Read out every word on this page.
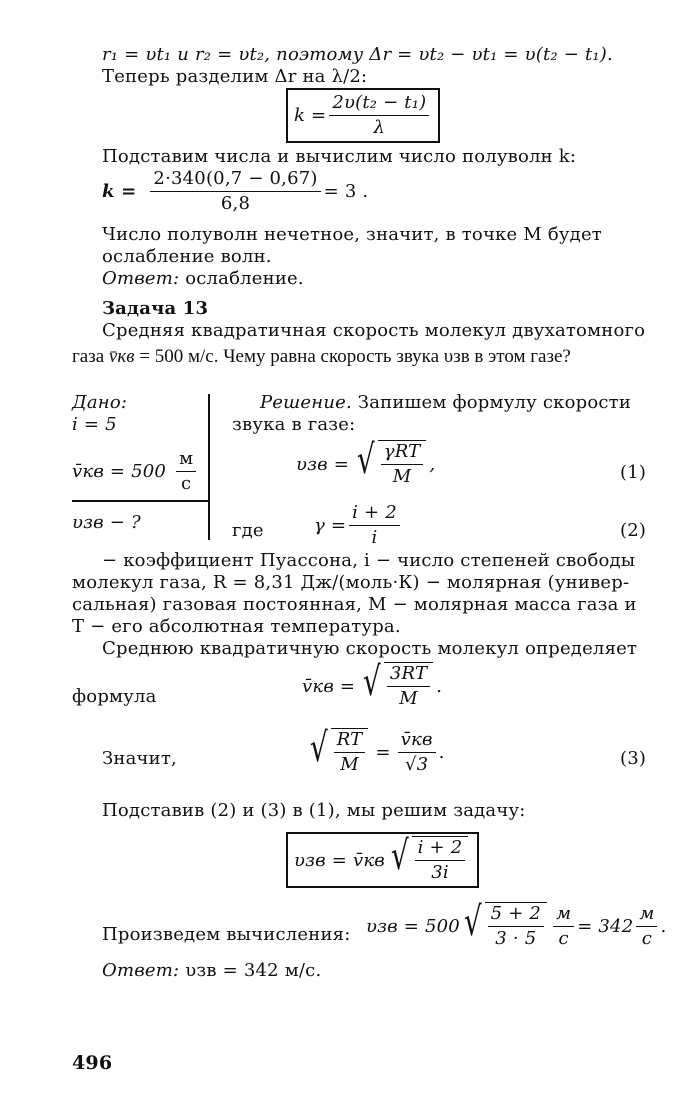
r₁ = υt₁ и r₂ = υt₂, поэтому Δr = υt₂ − υt₁ = υ(t₂ − t₁).
Теперь разделим Δr на λ/2:
$k = \frac{\text{2υ(t₂ − t₁)}}{\lambda}$
Подставим числа и вычислим число полуволн k:
$k = \frac{2\cdot 340(0,7 - 0,67)}{6,8} = 3$ .
Число полуволн нечетное, значит, в точке M будет
ослабление волн.
Ответ: ослабление.
Задача 13
Средняя квадратичная скорость молекул двухатомного
газа v̄кв = 500 м/с. Чему равна скорость звука υзв в этом газе?
Дано:
i = 5
v̄кв = $500 \frac{м}{с}$
υзв − ?
Решение. Запишем формулу скорости
звука в газе:
υзв = √ $\frac{\text{γRT}}{M}$ ,	(1)
где	$\gamma = \frac{i + 2}{i}$	(2)
− коэффициент Пуассона, i − число степеней свободы
молекул газа, R = 8,31 Дж/(моль·К) − молярная (универ-
сальная) газовая постоянная, M − молярная масса газа и
T − его абсолютная температура.
Среднюю квадратичную скорость молекул определяет
формула	v̄кв = √ $\frac{3RT}{M}$ .
Значит,	√ $\frac{RT}{M} = \frac{v̄кв}{√3}$ .	(3)
Подставив (2) и (3) в (1), мы решим задачу:
υзв = v̄кв √ $\frac{i + 2}{3i}$
Произведем вычисления: υзв = 500 √ $\frac{5 + 2}{3 \cdot 5} \frac{м}{с} = 342 \frac{м}{с}$ .
Ответ: υзв = 342 м/с.
496
